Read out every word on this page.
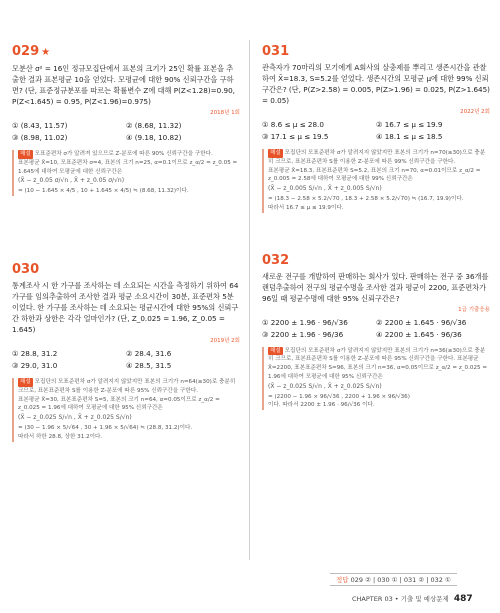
029 ★
모분산 σ² = 16인 정규모집단에서 표본의 크기가 25인 확률 표본을 추출한 결과 표본평균 10을 얻었다. 모평균에 대한 90% 신뢰구간을 구하면? (단, 표준정규분포를 따르는 확률변수 Z에 대해 P(Z<1.28)=0.90, P(Z<1.645) = 0.95, P(Z<1.96)=0.975)
2018년 1회
① (8.43, 11.57)	② (8.68, 11.32)
③ (8.98, 11.02)	④ (9.18, 10.82)
해설 모표준편차 σ가 알려져 있으므로 Z-분포에 따른 90% 신뢰구간을 구한다.
표본평균 X̄=10, 모표준편차 σ=4, 표본의 크기 n=25, α=0.1이므로 z_α/2 = z_0.05 = 1.645에 대하여 모평균에 대한 신뢰구간은
(X̄ − z_0.05 σ/√n , X̄ + z_0.05 σ/√n)
= (10 − 1.645 × 4/5 , 10 + 1.645 × 4/5) ≒ (8.68, 11.32)이다.
030
통계조사 시 한 가구를 조사하는 데 소요되는 시간을 측정하기 위하여 64가구를 임의추출하여 조사한 결과 평균 소요시간이 30분, 표준편차 5분이었다. 한 가구를 조사하는 데 소요되는 평균시간에 대한 95%의 신뢰구간 하한과 상한은 각각 얼마인가? (단, Z_0.025 = 1.96, Z_0.05 = 1.645)
2019년 2회
① 28.8, 31.2	② 28.4, 31.6
③ 29.0, 31.0	④ 28.5, 31.5
해설 모집단의 모표준편차 σ가 알려지지 않았지만 표본의 크기가 n=64(≥30)로 충분히 크므로, 표본표준편차 S를 이용한 Z-분포에 따른 95% 신뢰구간을 구한다.
표본평균 X̄=30, 표본표준편차 S=5, 표본의 크기 n=64, α=0.05이므로 z_α/2 = z_0.025 = 1.96에 대하여 모평균에 대한 95% 신뢰구간은
(X̄ − z_0.025 S/√n , X̄ + z_0.025 S/√n)
= (30 − 1.96 × 5/√64 , 30 + 1.96 × 5/√64) ≒ (28.8, 31.2)이다.
따라서 하한 28.8, 상한 31.2이다.
031
관측자가 70마리의 모기에게 A회사의 살충제를 뿌리고 생존시간을 관찰하여 X̄=18.3, S=5.2를 얻었다. 생존시간의 모평균 μ에 대한 99% 신뢰구간은? (단, P(Z>2.58) = 0.005, P(Z>1.96) = 0.025, P(Z>1.645) = 0.05)
2022년 2회
① 8.6 ≤ μ ≤ 28.0	② 16.7 ≤ μ ≤ 19.9
③ 17.1 ≤ μ ≤ 19.5	④ 18.1 ≤ μ ≤ 18.5
해설 모집단의 모표준편차 σ가 알려지지 않았지만 표본의 크기가 n=70(≥30)으로 충분히 크므로, 표본표준편차 S를 이용한 Z-분포에 따른 99% 신뢰구간을 구한다.
표본평균 X̄=18.3, 표본표준편차 S=5.2, 표본의 크기 n=70, α=0.01이므로 z_α/2 = z_0.005 = 2.58에 대하여 모평균에 대한 99% 신뢰구간은
(X̄ − z_0.005 S/√n , X̄ + z_0.005 S/√n)
= (18.3 − 2.58 × 5.2/√70 , 18.3 + 2.58 × 5.2/√70) ≒ (16.7, 19.9)이다.
따라서 16.7 ≤ μ ≤ 19.9이다.
032
새로운 전구를 개발하여 판매하는 회사가 있다. 판매하는 전구 중 36개를 랜덤추출하여 전구의 평균수명을 조사한 결과 평균이 2200, 표준편차가 96일 때 평균수명에 대한 95% 신뢰구간은?
1급 기출응용
① 2200 ± 1.96 · 96/√36	② 2200 ± 1.645 · 96/√36
③ 2200 ± 1.96 · 96/36	④ 2200 ± 1.645 · 96/36
해설 모집단의 모표준편차 σ가 알려지지 않았지만 표본의 크기가 n=36(≥30)으로 충분히 크므로, 표본표준편차 S를 이용한 Z-분포에 따른 95% 신뢰구간을 구한다. 표본평균 X̄=2200, 표본표준편차 S=96, 표본의 크기 n=36, α=0.05이므로 z_α/2 = z_0.025 = 1.96에 대하여 모평균에 대한 95% 신뢰구간은
(X̄ − z_0.025 S/√n , X̄ + z_0.025 S/√n)
= (2200 − 1.96 × 96/√36 , 2200 + 1.96 × 96/√36)
이다. 따라서 2200 ± 1.96 · 96/√36 이다.
정답 029 ② | 030 ① | 031 ② | 032 ①
CHAPTER 03 • 기출 및 예상문제 487
